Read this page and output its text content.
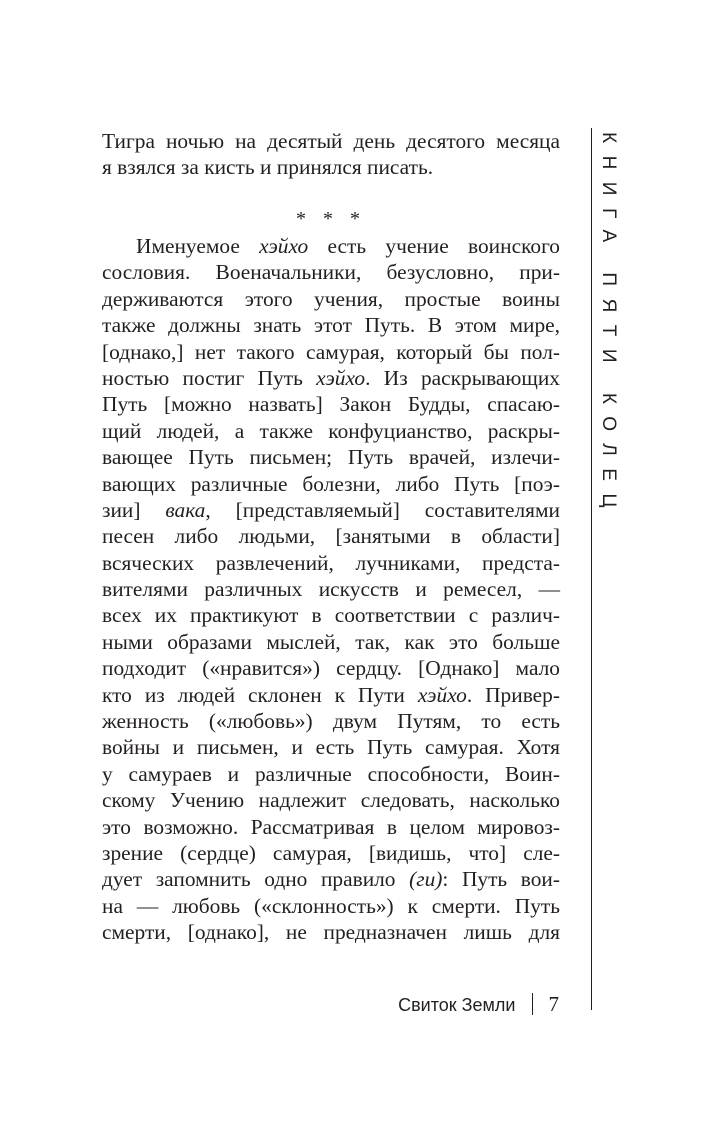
КНИГА ПЯТИ КОЛЕЦ
Тигра ночью на десятый день десятого месяца
я взялся за кисть и принялся писать.
* * *
Именуемое хэйхо есть учение воинского
сословия. Военачальники, безусловно, при-
держиваются этого учения, простые воины
также должны знать этот Путь. В этом мире,
[однако,] нет такого самурая, который бы пол-
ностью постиг Путь хэйхо. Из раскрывающих
Путь [можно назвать] Закон Будды, спасаю-
щий людей, а также конфуцианство, раскры-
вающее Путь письмен; Путь врачей, излечи-
вающих различные болезни, либо Путь [поэ-
зии] вака, [представляемый] составителями
песен либо людьми, [занятыми в области]
всяческих развлечений, лучниками, предста-
вителями различных искусств и ремесел, —
всех их практикуют в соответствии с различ-
ными образами мыслей, так, как это больше
подходит («нравится») сердцу. [Однако] мало
кто из людей склонен к Пути хэйхо. Привер-
женность («любовь») двум Путям, то есть
войны и письмен, и есть Путь самурая. Хотя
у самураев и различные способности, Воин-
скому Учению надлежит следовать, насколько
это возможно. Рассматривая в целом мировоз-
зрение (сердце) самурая, [видишь, что] сле-
дует запомнить одно правило (ги): Путь вои-
на — любовь («склонность») к смерти. Путь
смерти, [однако], не предназначен лишь для
Свиток Земли 7
